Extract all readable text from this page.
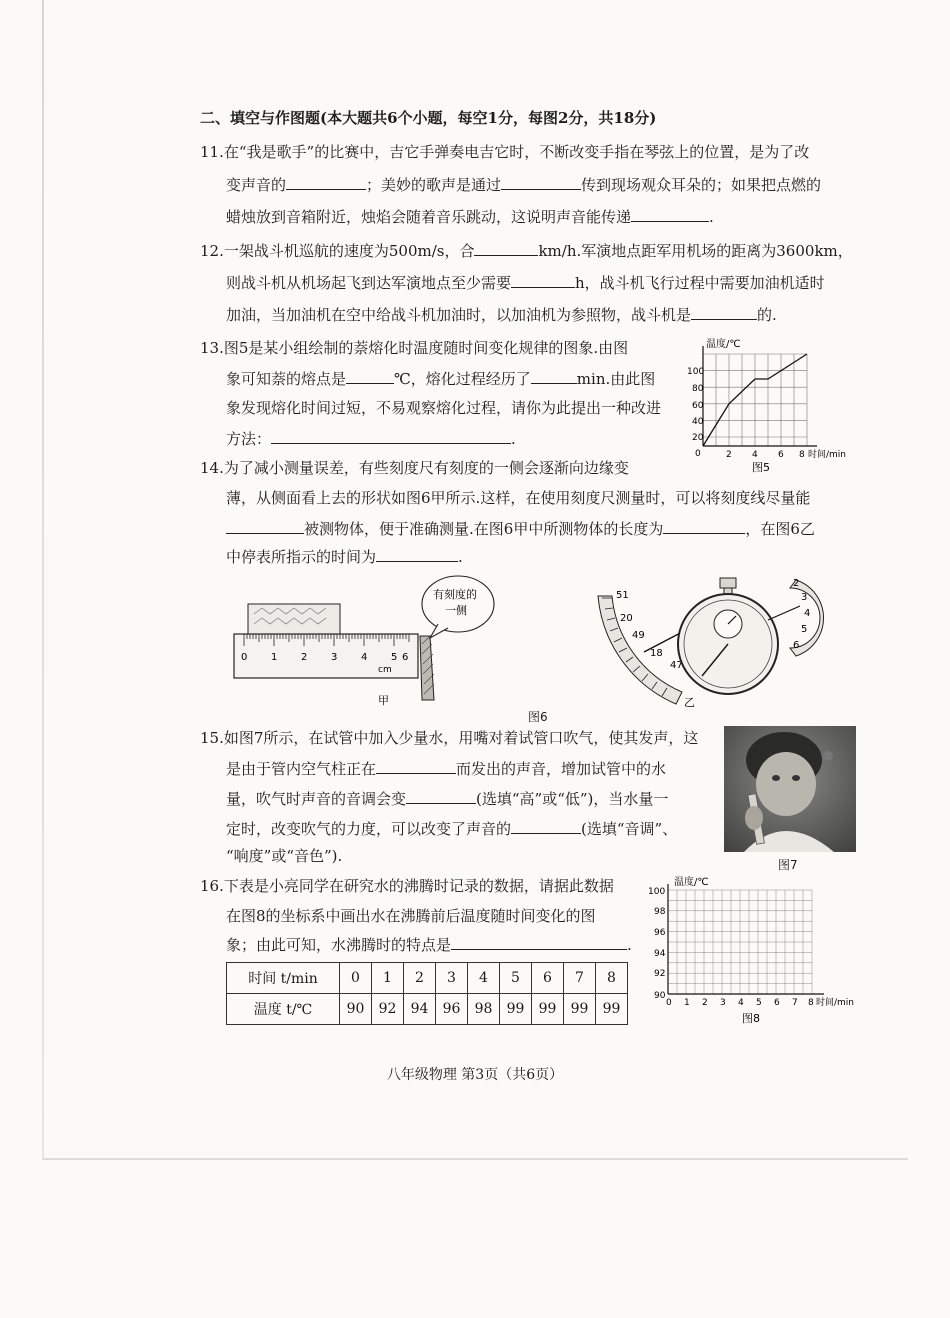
二、填空与作图题(本大题共6个小题，每空1分，每图2分，共18分)
11.在“我是歌手”的比赛中，吉它手弹奏电吉它时，不断改变手指在琴弦上的位置，是为了改
变声音的	；美妙的歌声是通过	传到现场观众耳朵的；如果把点燃的
蜡烛放到音箱附近，烛焰会随着音乐跳动，这说明声音能传递	.
12.一架战斗机巡航的速度为500m/s，合	km/h.军演地点距军用机场的距离为3600km，
则战斗机从机场起飞到达军演地点至少需要	h，战斗机飞行过程中需要加油机适时
加油，当加油机在空中给战斗机加油时，以加油机为参照物，战斗机是	的.
13.图5是某小组绘制的萘熔化时温度随时间变化规律的图象.由图
象可知萘的熔点是	℃，熔化过程经历了	min.由此图
象发现熔化时间过短，不易观察熔化过程，请你为此提出一种改进
方法：	.
温度/℃
100
80
60
40
20
0	2 4 6 8 时间/min
图5
14.为了减小测量误差，有些刻度尺有刻度的一侧会逐渐向边缘变
薄，从侧面看上去的形状如图6甲所示.这样，在使用刻度尺测量时，可以将刻度线尽量能
被测物体，便于准确测量.在图6甲中所测物体的长度为	，在图6乙
中停表所指示的时间为	.
0 1 2 3 4 5 6
cm
有刻度的
一侧
甲
51
20
49
18
47
2
3
4
5
6
乙
图6
15.如图7所示，在试管中加入少量水，用嘴对着试管口吹气，使其发声，这
是由于管内空气柱正在	而发出的声音，增加试管中的水
量，吹气时声音的音调会变	(选填“高”或“低”)，当水量一
定时，改变吹气的力度，可以改变了声音的	(选填“音调”、
“响度”或“音色”).	图7
16.下表是小亮同学在研究水的沸腾时记录的数据，请据此数据
在图8的坐标系中画出水在沸腾前后温度随时间变化的图
象；由此可知，水沸腾时的特点是	.
时间 t/min	0	1	2	3	4	5	6	7	8
温度 t/℃	90	92	94	96	98	99	99	99	99
温度/℃
100
98
96
94
92
90
0 1 2 3 4 5 6 7 8 时间/min
图8
八年级物理 第3页（共6页）
